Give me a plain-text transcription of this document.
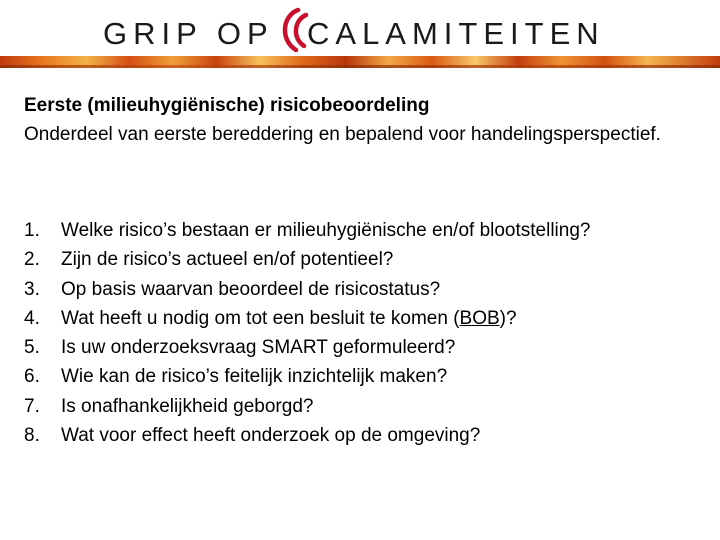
GRIP OP CALAMITEITEN
Eerste (milieuhygiënische) risicobeoordeling

Onderdeel van eerste bereddering en bepalend voor handelingsperspectief.

1. Welke risico’s bestaan er milieuhygiënische en/of blootstelling?
2. Zijn de risico’s actueel en/of potentieel?
3. Op basis waarvan beoordeel de risicostatus?
4. Wat heeft u nodig om tot een besluit te komen (BOB)?
5. Is uw onderzoeksvraag SMART geformuleerd?
6. Wie kan de risico’s feitelijk inzichtelijk maken?
7. Is onafhankelijkheid geborgd?
8. Wat voor effect heeft onderzoek op de omgeving?
